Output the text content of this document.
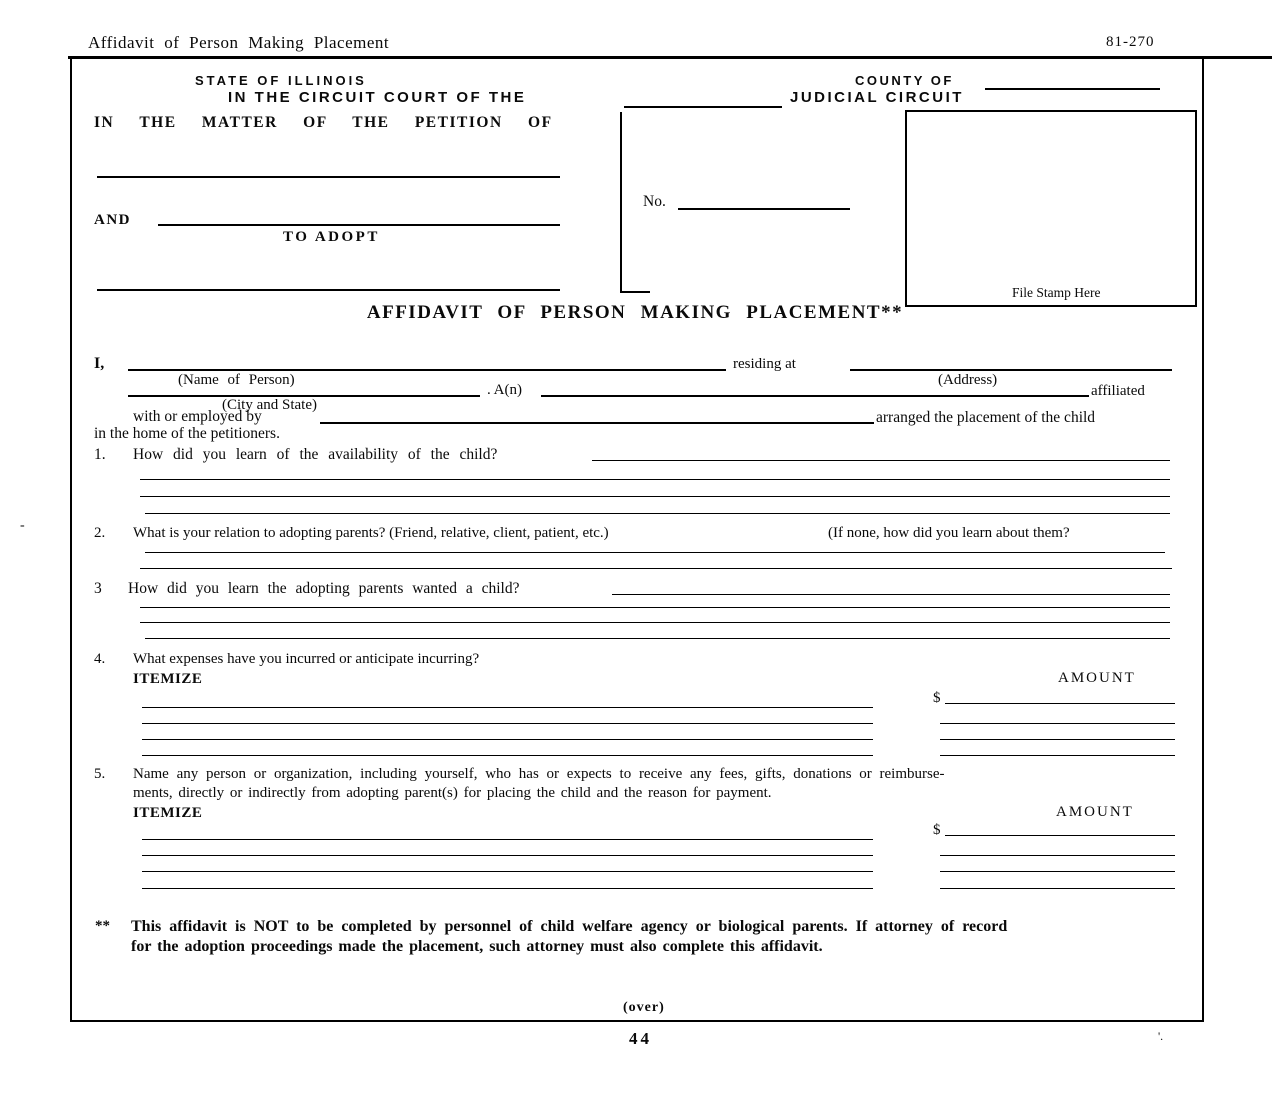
Affidavit of Person Making Placement	81-270
STATE OF ILLINOIS	COUNTY OF
IN THE CIRCUIT COURT OF THE	JUDICIAL CIRCUIT
IN THE MATTER OF THE PETITION OF
AND
TO ADOPT
No.
File Stamp Here
AFFIDAVIT OF PERSON MAKING PLACEMENT**
I,	residing at
(Name of Person)	(Address)
. A(n)	affiliated
(City and State)
with or employed by	arranged the placement of the child
in the home of the petitioners.
1. How did you learn of the availability of the child?
2. What is your relation to adopting parents? (Friend, relative, client, patient, etc.)	(If none, how did you learn about them?
3 How did you learn the adopting parents wanted a child?
4. What expenses have you incurred or anticipate incurring?
ITEMIZE	AMOUNT
$
5. Name any person or organization, including yourself, who has or expects to receive any fees, gifts, donations or reimburse-
ments, directly or indirectly from adopting parent(s) for placing the child and the reason for payment.
ITEMIZE	AMOUNT
$
** This affidavit is NOT to be completed by personnel of child welfare agency or biological parents. If attorney of record
for the adoption proceedings made the placement, such attorney must also complete this affidavit.
(over)
44
-
'.
